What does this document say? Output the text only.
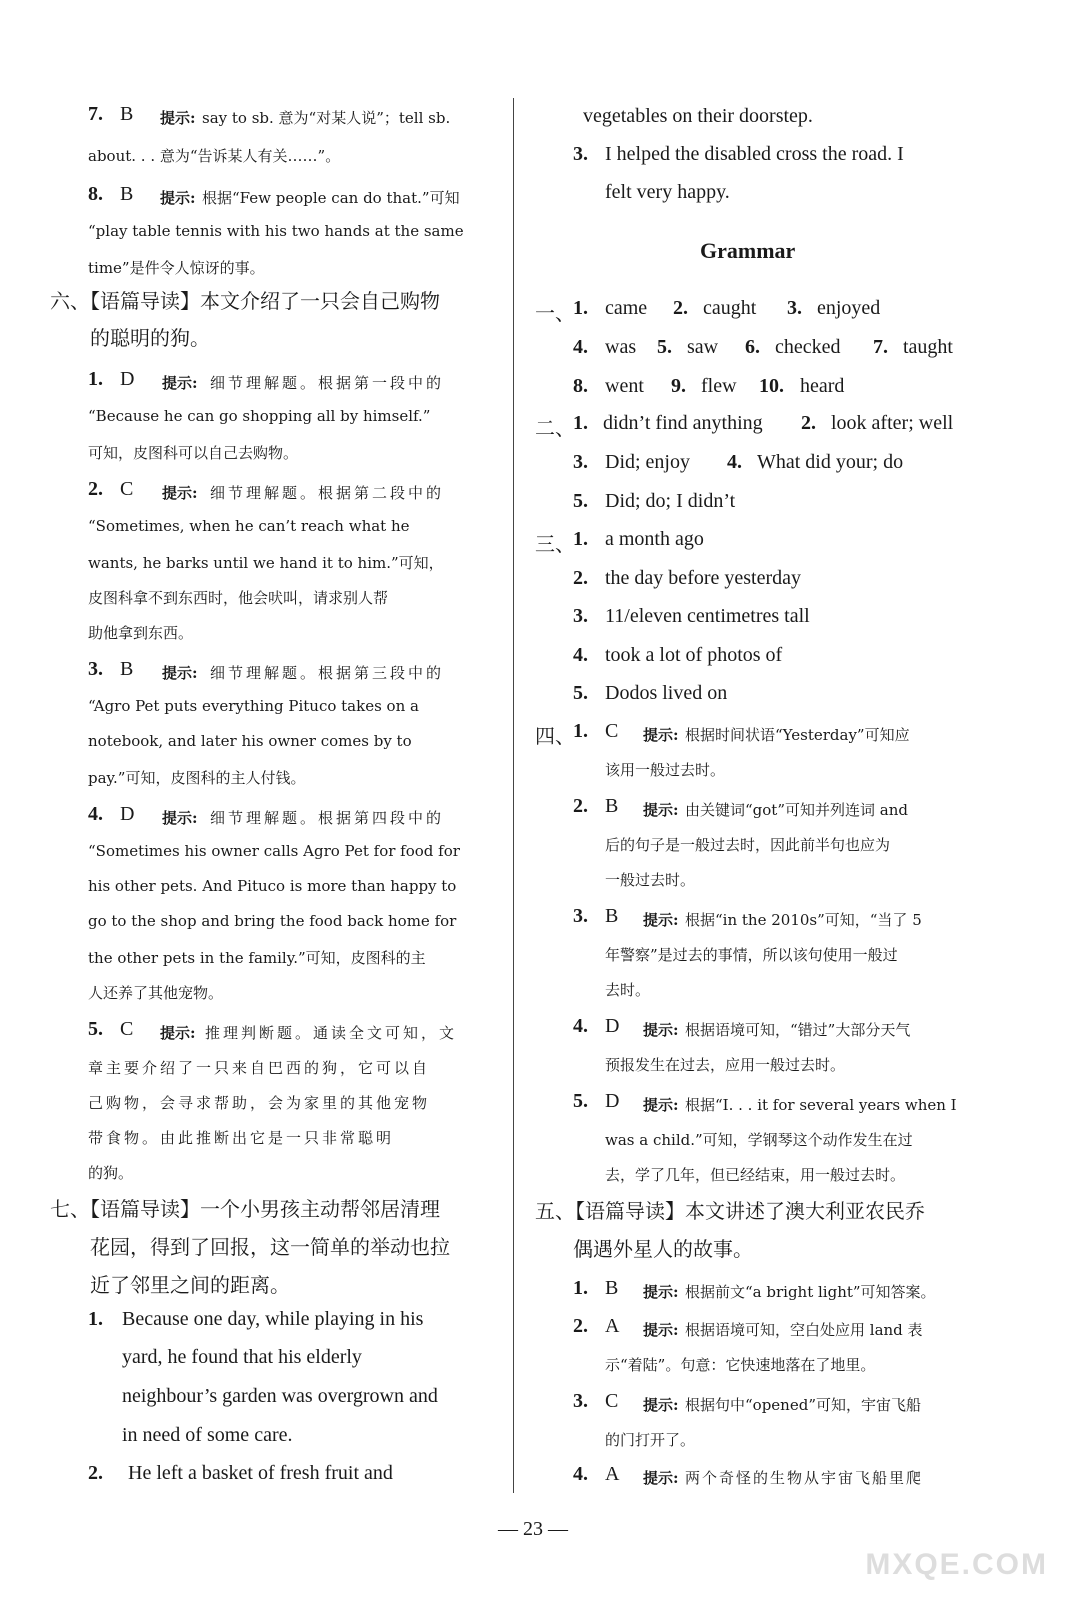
7. B 提示: say to sb. 意为“对某人说”；tell sb.
about. . . 意为“告诉某人有关……”。
8. B 提示: 根据“Few people can do that.”可知
“play table tennis with his two hands at the same
time”是件令人惊讶的事。
六、【语篇导读】本文介绍了一只会自己购物
的聪明的狗。
1. D 提示: 细节理解题。根据第一段中的
“Because he can go shopping all by himself.”
可知，皮图科可以自己去购物。
2. C 提示: 细节理解题。根据第二段中的
“Sometimes, when he can’t reach what he
wants, he barks until we hand it to him.”可知，
皮图科拿不到东西时，他会吠叫，请求别人帮
助他拿到东西。
3. B 提示: 细节理解题。根据第三段中的
“Agro Pet puts everything Pituco takes on a
notebook, and later his owner comes by to
pay.”可知，皮图科的主人付钱。
4. D 提示: 细节理解题。根据第四段中的
“Sometimes his owner calls Agro Pet for food for
his other pets. And Pituco is more than happy to
go to the shop and bring the food back home for
the other pets in the family.”可知，皮图科的主
人还养了其他宠物。
5. C 提示: 推理判断题。通读全文可知，文
章主要介绍了一只来自巴西的狗，它可以自
己购物，会寻求帮助，会为家里的其他宠物
带食物。由此推断出它是一只非常聪明
的狗。
七、【语篇导读】一个小男孩主动帮邻居清理
花园，得到了回报，这一简单的举动也拉
近了邻里之间的距离。
1. Because one day, while playing in his
yard, he found that his elderly
neighbour’s garden was overgrown and
in need of some care.
2. He left a basket of fresh fruit and
vegetables on their doorstep.
3. I helped the disabled cross the road. I
felt very happy.
Grammar
一、
1. came 2. caught 3. enjoyed
4. was 5. saw 6. checked 7. taught
8. went 9. flew 10. heard
二、
1. didn’t find anything 2. look after; well
3. Did; enjoy 4. What did your; do
5. Did; do; I didn’t
三、
1. a month ago
2. the day before yesterday
3. 11/eleven centimetres tall
4. took a lot of photos of
5. Dodos lived on
四、
1. C 提示: 根据时间状语“Yesterday”可知应
该用一般过去时。
2. B 提示: 由关键词“got”可知并列连词 and
后的句子是一般过去时，因此前半句也应为
一般过去时。
3. B 提示: 根据“in the 2010s”可知，“当了 5
年警察”是过去的事情，所以该句使用一般过
去时。
4. D 提示: 根据语境可知，“错过”大部分天气
预报发生在过去，应用一般过去时。
5. D 提示: 根据“I. . . it for several years when I
was a child.”可知，学钢琴这个动作发生在过
去，学了几年，但已经结束，用一般过去时。
五、【语篇导读】本文讲述了澳大利亚农民乔
偶遇外星人的故事。
1. B 提示: 根据前文“a bright light”可知答案。
2. A 提示: 根据语境可知，空白处应用 land 表
示“着陆”。句意：它快速地落在了地里。
3. C 提示: 根据句中“opened”可知，宇宙飞船
的门打开了。
4. A 提示: 两个奇怪的生物从宇宙飞船里爬
— 23 —
MXQE.COM
